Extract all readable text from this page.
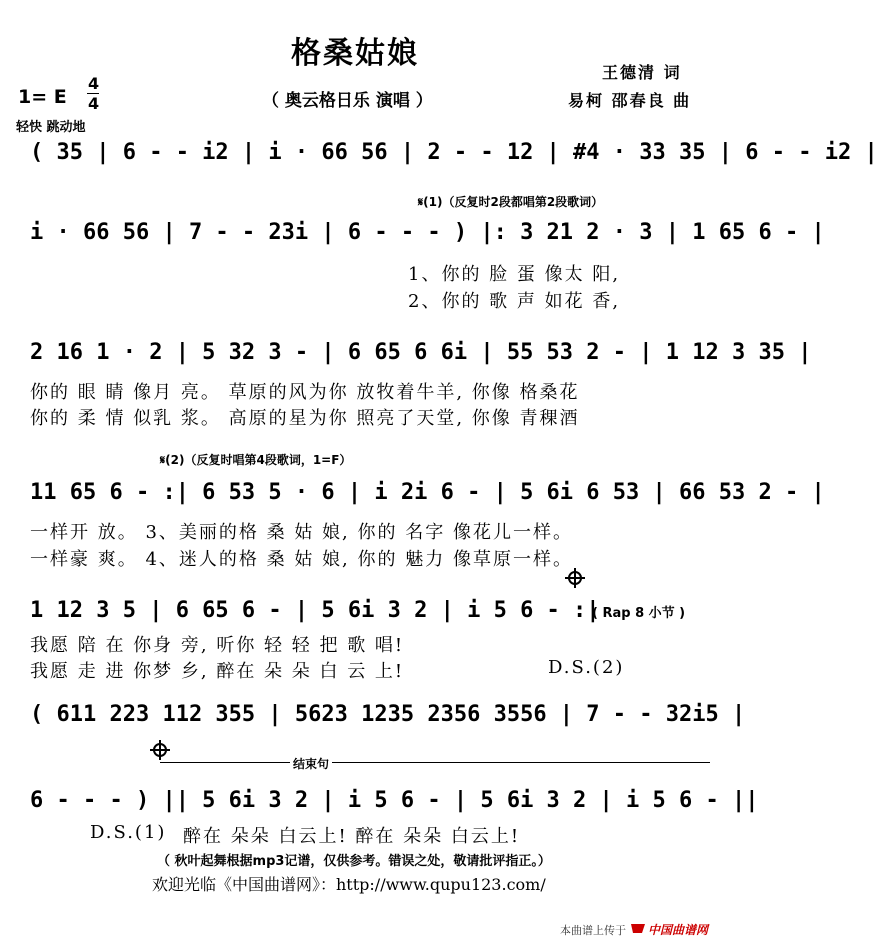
格桑姑娘
（ 奥云格日乐 演唱 ）
王德清 词
易柯 邵春良 曲
1= E
4
4
轻快 跳动地
( 35 | 6 - - i2 | i · 66 56 | 2 - - 12 | #4 · 33 35 | 6 - - i2 |
𝄋(1)（反复时2段都唱第2段歌词）
i · 66 56 | 7 - - 23i | 6 - - - ) |: 3 21 2 · 3 | 1 65 6 - |
1、你的 脸 蛋 像太 阳,
2、你的 歌 声 如花 香,
2 16 1 · 2 | 5 32 3 - | 6 65 6 6i | 55 53 2 - | 1 12 3 35 |
你的 眼 睛 像月 亮。 草原的风为你 放牧着牛羊, 你像 格桑花
你的 柔 情 似乳 浆。 高原的星为你 照亮了天堂, 你像 青稞酒
𝄋(2)（反复时唱第4段歌词，1=F）
11 65 6 - :| 6 53 5 · 6 | i 2i 6 - | 5 6i 6 53 | 66 53 2 - |
一样开 放。 3、美丽的格 桑 姑 娘, 你的 名字 像花儿一样。
一样豪 爽。 4、迷人的格 桑 姑 娘, 你的 魅力 像草原一样。
1 12 3 5 | 6 65 6 - | 5 6i 3 2 | i 5 6 - :|
( Rap 8 小节 )
我愿 陪 在 你身 旁, 听你 轻 轻 把 歌 唱!
我愿 走 进 你梦 乡, 醉在 朵 朵 白 云 上!	D.S.(2)
( 611 223 112 355 | 5623 1235 2356 3556 | 7 - - 32i5 |
结束句
6 - - - ) || 5 6i 3 2 | i 5 6 - | 5 6i 3 2 | i 5 6 - ||
D.S.(1) 醉在 朵朵 白云上! 醉在 朵朵 白云上!
（ 秋叶起舞根据mp3记谱，仅供参考。错误之处，敬请批评指正。）
欢迎光临《中国曲谱网》：http://www.qupu123.com/
本曲谱上传于 中国曲谱网
